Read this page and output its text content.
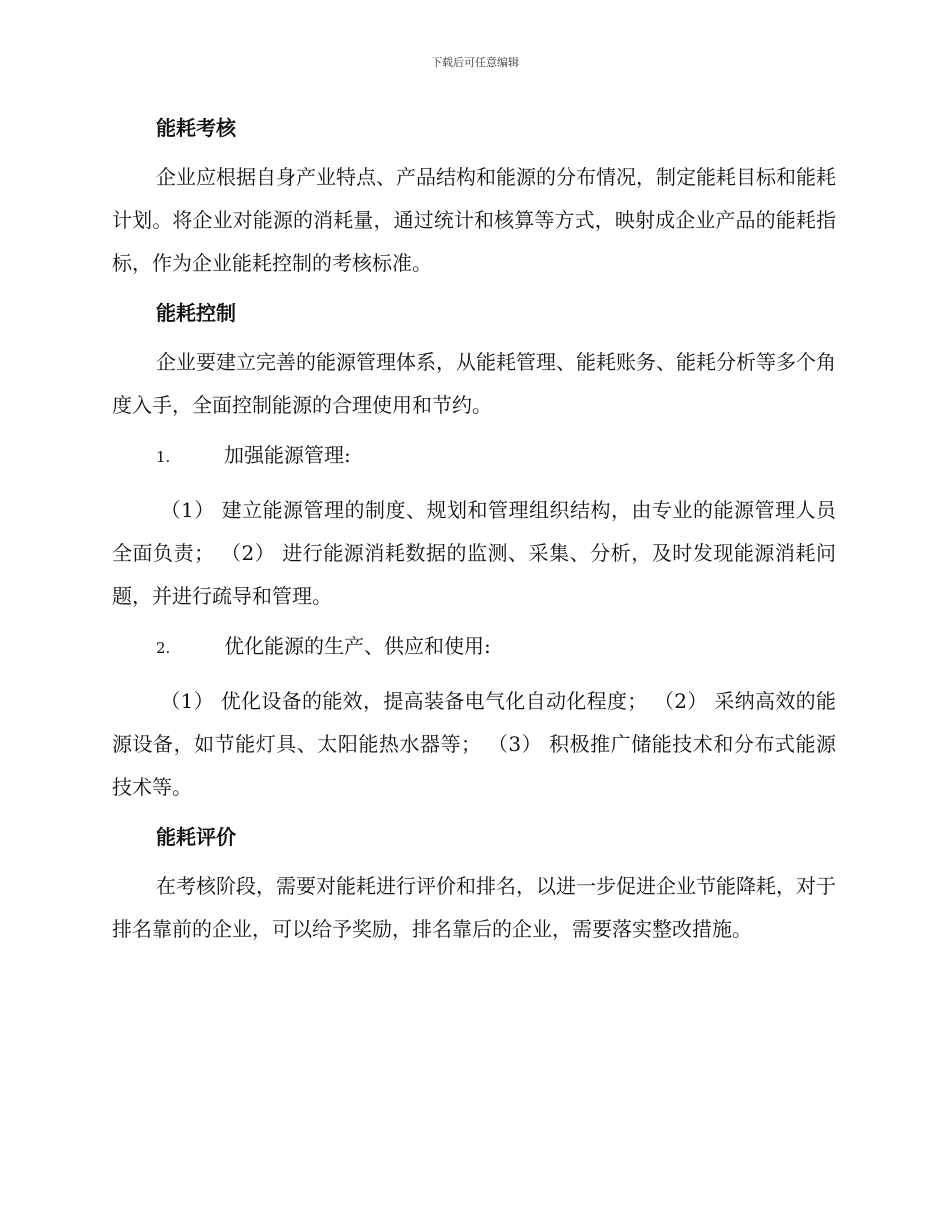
下载后可任意编辑
能耗考核

企业应根据自身产业特点、产品结构和能源的分布情况，制定能耗目标和能耗计划。将企业对能源的消耗量，通过统计和核算等方式，映射成企业产品的能耗指标，作为企业能耗控制的考核标准。

能耗控制

企业要建立完善的能源管理体系，从能耗管理、能耗账务、能耗分析等多个角度入手，全面控制能源的合理使用和节约。

1.	加强能源管理:

（1） 建立能源管理的制度、规划和管理组织结构，由专业的能源管理人员全面负责； （2） 进行能源消耗数据的监测、采集、分析，及时发现能源消耗问题，并进行疏导和管理。

2.	优化能源的生产、供应和使用:

（1） 优化设备的能效，提高装备电气化自动化程度； （2） 采纳高效的能源设备，如节能灯具、太阳能热水器等； （3） 积极推广储能技术和分布式能源技术等。

能耗评价

在考核阶段，需要对能耗进行评价和排名，以进一步促进企业节能降耗，对于排名靠前的企业，可以给予奖励，排名靠后的企业，需要落实整改措施。
